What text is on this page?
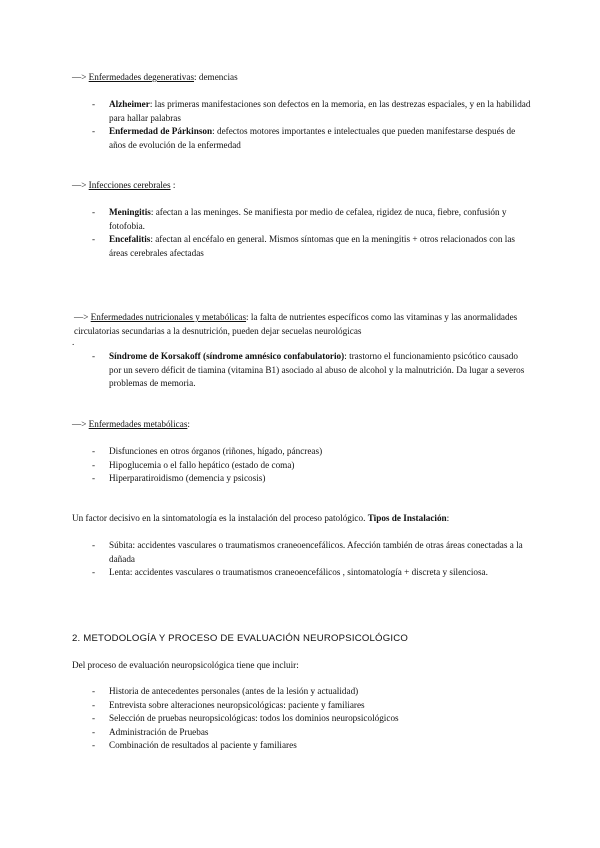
—> Enfermedades degenerativas: demencias
- Alzheimer: las primeras manifestaciones son defectos en la memoria, en las destrezas espaciales, y en la habilidad para hallar palabras
- Enfermedad de Párkinson: defectos motores importantes e intelectuales que pueden manifestarse después de años de evolución de la enfermedad
—> Infecciones cerebrales :
- Meningitis: afectan a las meninges. Se manifiesta por medio de cefalea, rigidez de nuca, fiebre, confusión y fotofobia.
- Encefalitis: afectan al encéfalo en general. Mismos síntomas que en la meningitis + otros relacionados con las áreas cerebrales afectadas
—> Enfermedades nutricionales y metabólicas: la falta de nutrientes específicos como las vitaminas y las anormalidades circulatorias secundarias a la desnutrición, pueden dejar secuelas neurológicas
.
- Síndrome de Korsakoff (síndrome amnésico confabulatorio): trastorno el funcionamiento psicótico causado por un severo déficit de tiamina (vitamina B1) asociado al abuso de alcohol y la malnutrición. Da lugar a severos problemas de memoria.
—> Enfermedades metabólicas:
- Disfunciones en otros órganos (riñones, hígado, páncreas)
- Hipoglucemia o el fallo hepático (estado de coma)
- Hiperparatiroidismo (demencia y psicosis)
Un factor decisivo en la sintomatología es la instalación del proceso patológico. Tipos de Instalación:
- Súbita: accidentes vasculares o traumatismos craneoencefálicos. Afección también de otras áreas conectadas a la dañada
- Lenta: accidentes vasculares o traumatismos craneoencefálicos , sintomatología + discreta y silenciosa.
2. METODOLOGÍA Y PROCESO DE EVALUACIÓN NEUROPSICOLÓGICO
Del proceso de evaluación neuropsicológica tiene que incluir:
- Historia de antecedentes personales (antes de la lesión y actualidad)
- Entrevista sobre alteraciones neuropsicológicas: paciente y familiares
- Selección de pruebas neuropsicológicas: todos los dominios neuropsicológicos
- Administración de Pruebas
- Combinación de resultados al paciente y familiares
